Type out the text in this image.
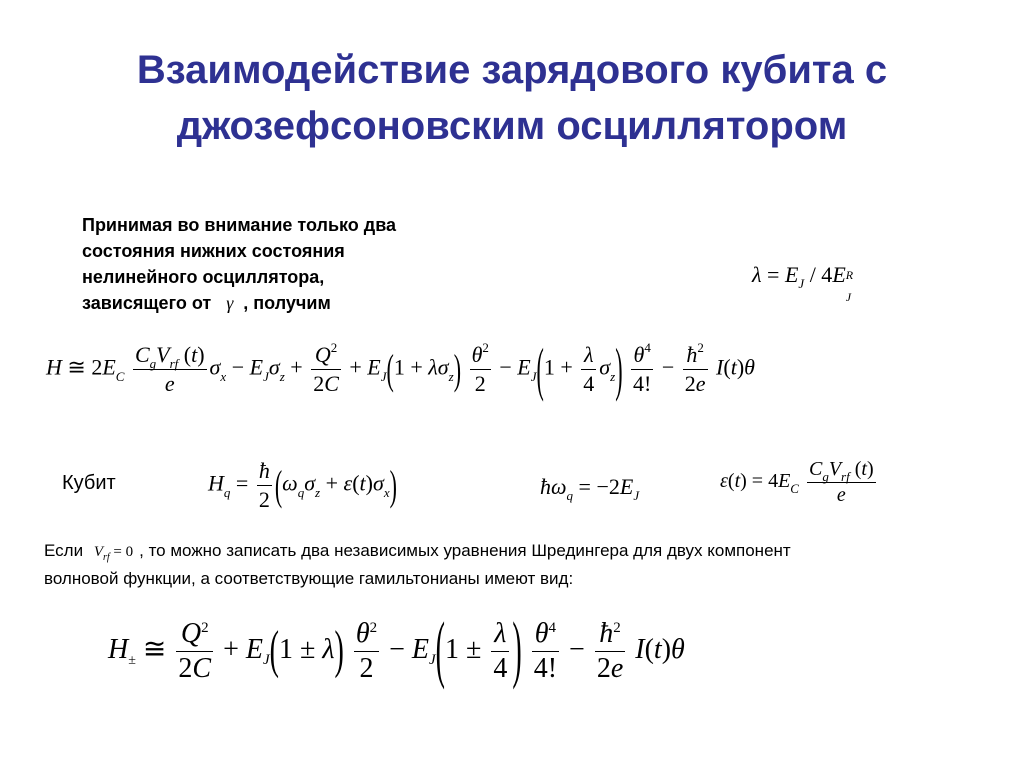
Взаимодействие зарядового кубита с
джозефсоновским осциллятором
Принимая во внимание только два
состояния нижних состояния
нелинейного осциллятора,
зависящего от γ , получим
$\lambda = E_J / 4E$ R
J
H ≅ $2E_C \frac{C_gV_{rf} (t)}{e} \sigma_x - E_J\sigma_z + \frac{Q^2}{2C} + E_J(1 + \lambda\sigma_z) \frac{\theta^2}{2} - E_J(1 + \frac{\lambda}{4} \sigma_z) \frac{\theta^4}{4!} - \frac{ħ^2}{2e} I(t)\theta$
Кубит	$H_q = \frac{ħ}{2} (\omega_q\sigma_z + \varepsilon(t)\sigma_x)$	$ħ\omega_q = -2E_J$
$\varepsilon(t) = 4E_C \frac{C_gV_{rf} (t)}{e}$
Если $V_{rf} = 0$ , то можно записать два независимых уравнения Шредингера для двух компонент
волновой функции, а соответствующие гамильтонианы имеют вид:
$H_\pm$ ≅ $\frac{Q^2}{2C} + E_J(1 \pm \lambda) \frac{\theta^2}{2} - E_J(1 \pm \frac{\lambda}{4}$ ) $\frac{\theta^4}{4!} - \frac{ħ^2}{2e} I(t)\theta$
